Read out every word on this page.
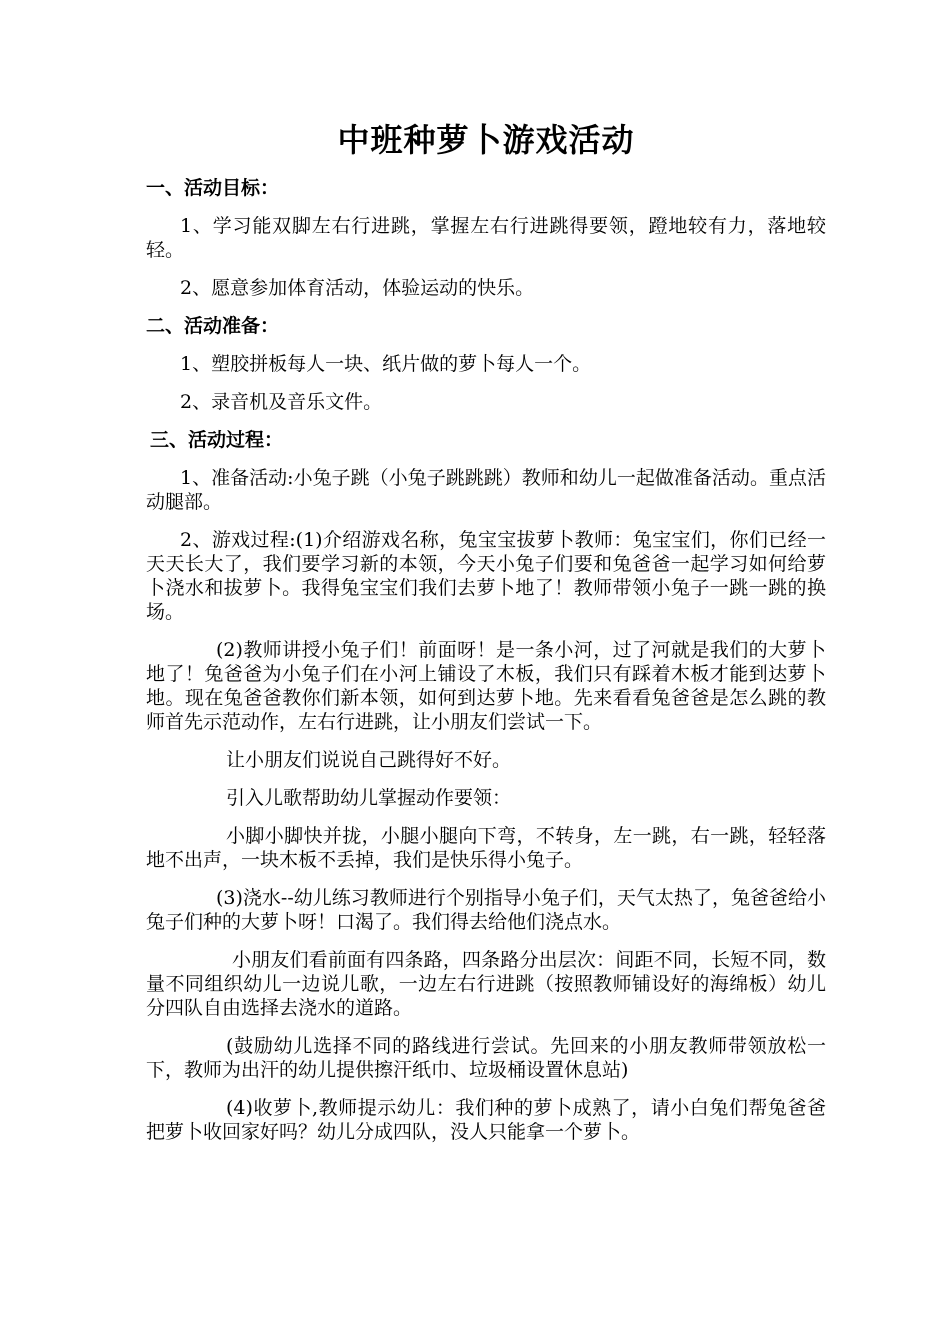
中班种萝卜游戏活动
一、活动目标：

1、学习能双脚左右行进跳，掌握左右行进跳得要领，蹬地较有力，落地较轻。

2、愿意参加体育活动，体验运动的快乐。

二、活动准备：

1、塑胶拼板每人一块、纸片做的萝卜每人一个。

2、录音机及音乐文件。

三、活动过程：

1、准备活动:小兔子跳（小兔子跳跳跳）教师和幼儿一起做准备活动。重点活动腿部。

2、游戏过程:(1)介绍游戏名称，兔宝宝拔萝卜教师：兔宝宝们，你们已经一天天长大了，我们要学习新的本领，今天小兔子们要和兔爸爸一起学习如何给萝卜浇水和拔萝卜。我得兔宝宝们我们去萝卜地了！教师带领小兔子一跳一跳的换场。

(2)教师讲授小兔子们！前面呀！是一条小河，过了河就是我们的大萝卜地了！兔爸爸为小兔子们在小河上铺设了木板，我们只有踩着木板才能到达萝卜地。现在兔爸爸教你们新本领，如何到达萝卜地。先来看看兔爸爸是怎么跳的教师首先示范动作，左右行进跳，让小朋友们尝试一下。

让小朋友们说说自己跳得好不好。

引入儿歌帮助幼儿掌握动作要领：

小脚小脚快并拢，小腿小腿向下弯，不转身，左一跳，右一跳，轻轻落地不出声，一块木板不丢掉，我们是快乐得小兔子。

(3)浇水--幼儿练习教师进行个别指导小兔子们，天气太热了，兔爸爸给小兔子们种的大萝卜呀！口渴了。我们得去给他们浇点水。

小朋友们看前面有四条路，四条路分出层次：间距不同，长短不同，数量不同组织幼儿一边说儿歌，一边左右行进跳（按照教师铺设好的海绵板）幼儿分四队自由选择去浇水的道路。

(鼓励幼儿选择不同的路线进行尝试。先回来的小朋友教师带领放松一下，教师为出汗的幼儿提供擦汗纸巾、垃圾桶设置休息站)

(4)收萝卜,教师提示幼儿：我们种的萝卜成熟了，请小白兔们帮兔爸爸把萝卜收回家好吗？幼儿分成四队，没人只能拿一个萝卜。
